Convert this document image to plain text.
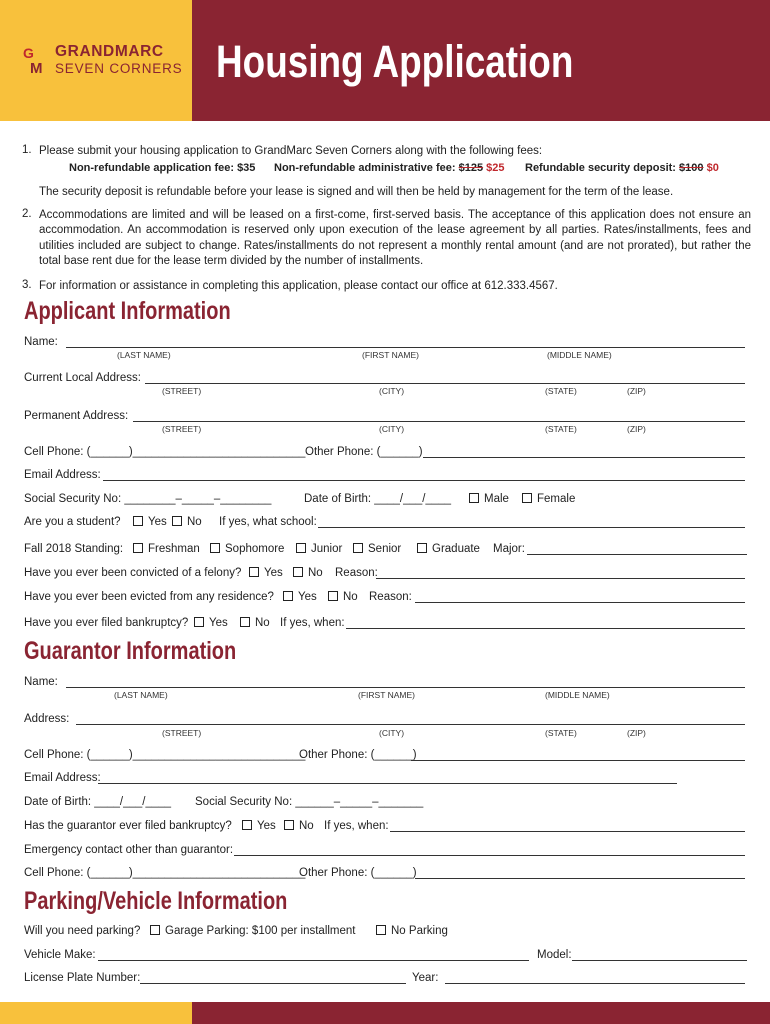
G
M
GRANDMARC
SEVEN CORNERS Housing Application
1. Please submit your housing application to GrandMarc Seven Corners along with the following fees:
Non-refundable application fee: $35 Non-refundable administrative fee: $125 $25 Refundable security deposit: $100 $0
The security deposit is refundable before your lease is signed and will then be held by management for the term of the lease.
2. Accommodations are limited and will be leased on a first-come, first-served basis. The acceptance of this application does not ensure an accommodation. An accommodation is reserved only upon execution of the lease agreement by all parties. Rates/installments, fees and utilities included are subject to change. Rates/installments do not represent a monthly rental amount (and are not prorated), but rather the total base rent due for the lease term divided by the number of installments.
3. For information or assistance in completing this application, please contact our office at 612.333.4567.
Applicant Information
Name:
(LAST NAME)	(FIRST NAME)	(MIDDLE NAME)
Current Local Address:
(STREET)	(CITY)	(STATE)	(ZIP)
Permanent Address:
(STREET)	(CITY)	(STATE)	(ZIP)
Cell Phone: (______)___________________________ Other Phone: (______)
Email Address:
Social Security No: ________–_____–________	Date of Birth: ____/___/____	Male	Female
Are you a student?	Yes	No If yes, what school:
Fall 2018 Standing:	Freshman	Sophomore	Junior	Senior	Graduate Major:
Have you ever been convicted of a felony?	Yes	No Reason:
Have you ever been evicted from any residence?	Yes	No Reason:
Have you ever filed bankruptcy?	Yes	No If yes, when:
Guarantor Information
Name:
(LAST NAME)	(FIRST NAME)	(MIDDLE NAME)
Address:
(STREET)	(CITY)	(STATE)	(ZIP)
Cell Phone: (______)___________________________
Other Phone: (______)
Email Address:
Date of Birth: ____/___/____ Social Security No: ______–_____–_______
Has the guarantor ever filed bankruptcy?	Yes	No If yes, when:
Emergency contact other than guarantor:
Cell Phone: (______)___________________________
Other Phone: (______)
Parking/Vehicle Information
Will you need parking?	Garage Parking: $100 per installment	No Parking
Vehicle Make:	Model:
License Plate Number:	Year:
